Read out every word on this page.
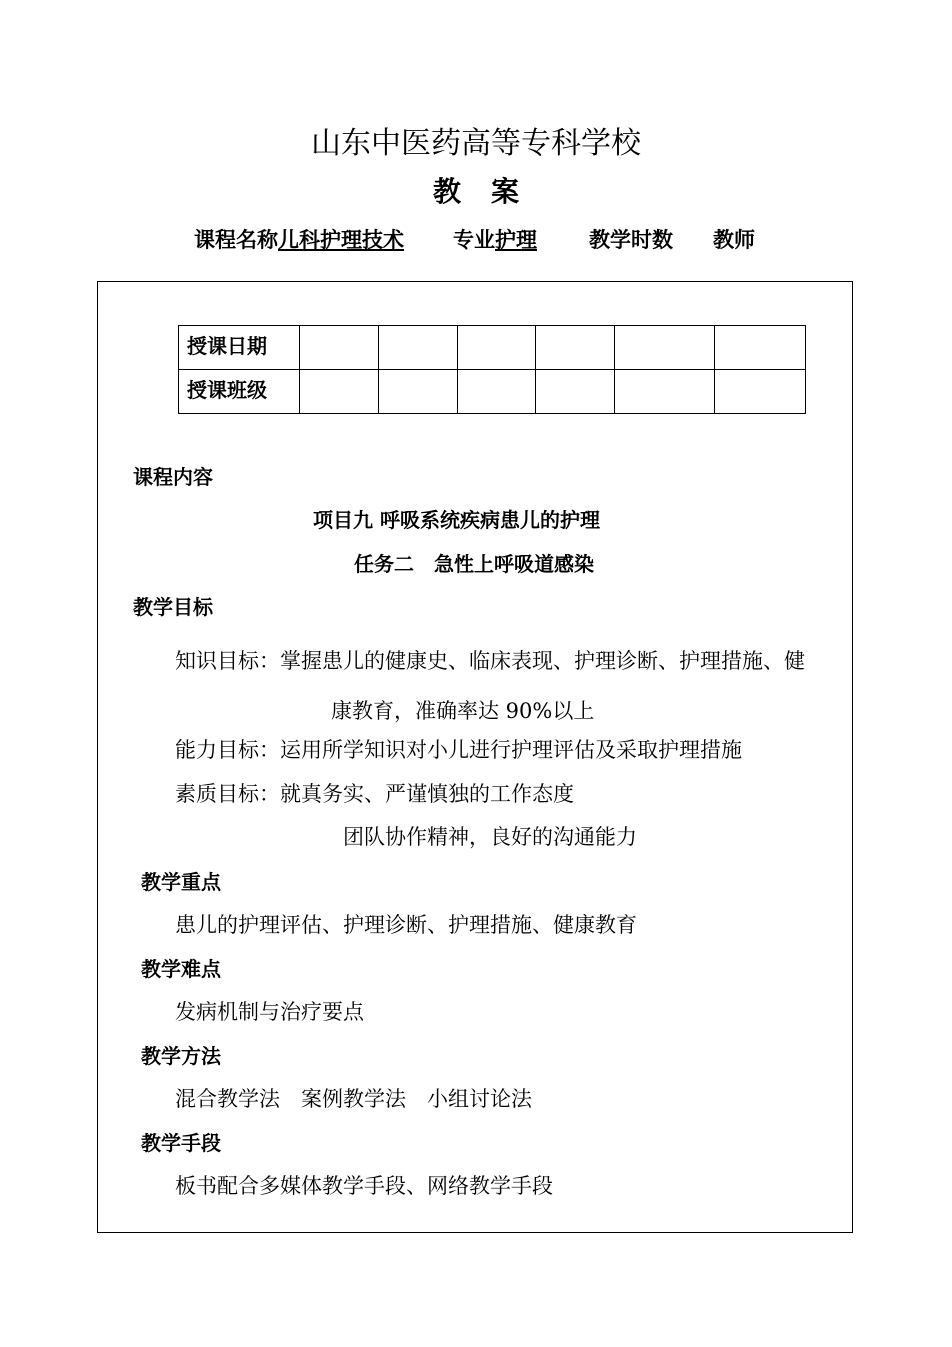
山东中医药高等专科学校
教案
课程名称 儿科护理技术 专业 护理 教学时数 教师
授课日期						
授课班级						
课程内容
项目九 呼吸系统疾病患儿的护理
任务二　急性上呼吸道感染
教学目标
知识目标：掌握患儿的健康史、临床表现、护理诊断、护理措施、健
康教育，准确率达 90%以上
能力目标：运用所学知识对小儿进行护理评估及采取护理措施
素质目标：就真务实、严谨慎独的工作态度
团队协作精神，良好的沟通能力
教学重点
患儿的护理评估、护理诊断、护理措施、健康教育
教学难点
发病机制与治疗要点
教学方法
混合教学法　案例教学法　小组讨论法
教学手段
板书配合多媒体教学手段、网络教学手段
